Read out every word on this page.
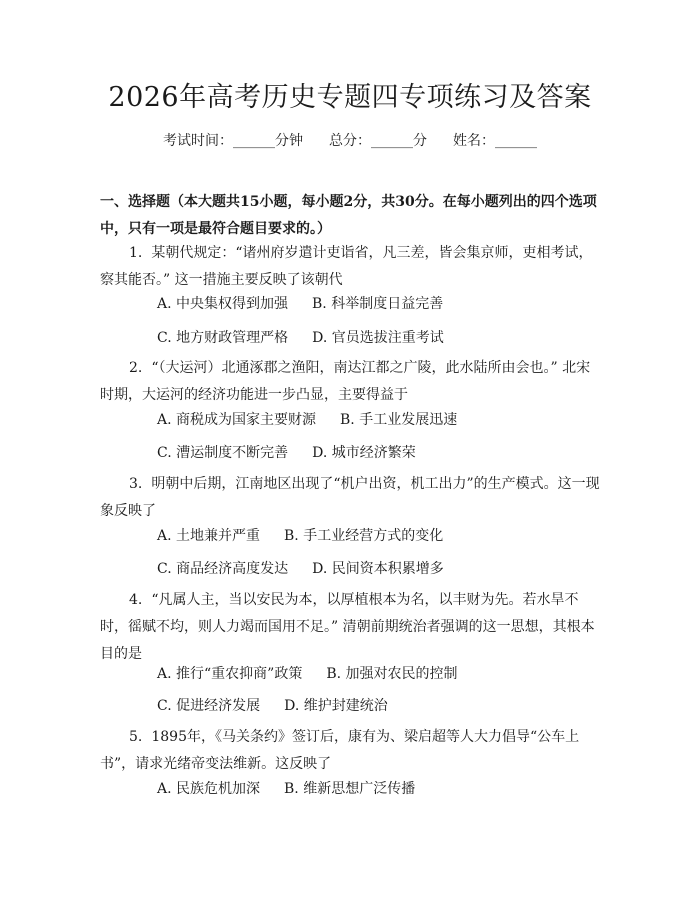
2026年高考历史专题四专项练习及答案
考试时间：______分钟 总分：______分 姓名：______

一、选择题（本大题共15小题，每小题2分，共30分。在每小题列出的四个选项中，只有一项是最符合题目要求的。）

1. 某朝代规定：“诸州府岁遣计吏诣省，凡三差，皆会集京师，吏相考试，察其能否。” 这一措施主要反映了该朝代

A. 中央集权得到加强 B. 科举制度日益完善
C. 地方财政管理严格 D. 官员选拔注重考试

2. “（大运河）北通涿郡之渔阳，南达江都之广陵，此水陆所由会也。” 北宋时期，大运河的经济功能进一步凸显，主要得益于

A. 商税成为国家主要财源 B. 手工业发展迅速
C. 漕运制度不断完善 D. 城市经济繁荣

3. 明朝中后期，江南地区出现了“机户出资，机工出力”的生产模式。这一现象反映了

A. 土地兼并严重 B. 手工业经营方式的变化
C. 商品经济高度发达 D. 民间资本积累增多

4. “凡属人主，当以安民为本，以厚植根本为名，以丰财为先。若水旱不时，徭赋不均，则人力竭而国用不足。” 清朝前期统治者强调的这一思想，其根本目的是

A. 推行“重农抑商”政策 B. 加强对农民的控制
C. 促进经济发展 D. 维护封建统治

5. 1895年，《马关条约》签订后，康有为、梁启超等人大力倡导“公车上书”，请求光绪帝变法维新。这反映了

A. 民族危机加深 B. 维新思想广泛传播
